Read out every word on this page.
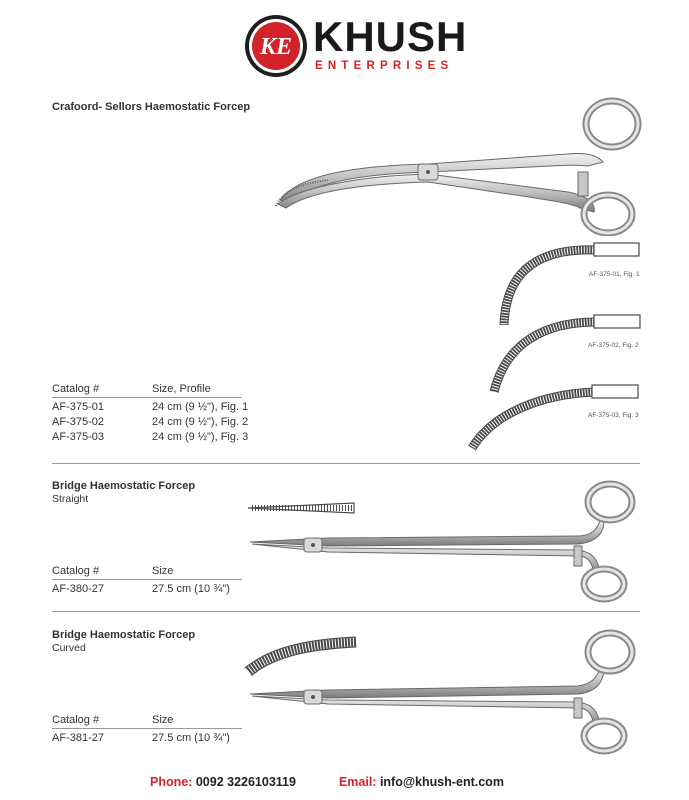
KE KHUSH
ENTERPRISES
Crafoord- Sellors Haemostatic Forcep
AF-375-01, Fig. 1
AF-375-02, Fig. 2
AF-375-03, Fig. 3
Catalog #	Size, Profile
AF-375-01	24 cm (9 ½"), Fig. 1
AF-375-02	24 cm (9 ½"), Fig. 2
AF-375-03	24 cm (9 ½"), Fig. 3
Bridge Haemostatic Forcep
Straight
Catalog #	Size
AF-380-27	27.5 cm (10 ¾")
Bridge Haemostatic Forcep
Curved
Catalog #	Size
AF-381-27	27.5 cm (10 ¾")
Phone: 0092 3226103119	Email: info@khush-ent.com
